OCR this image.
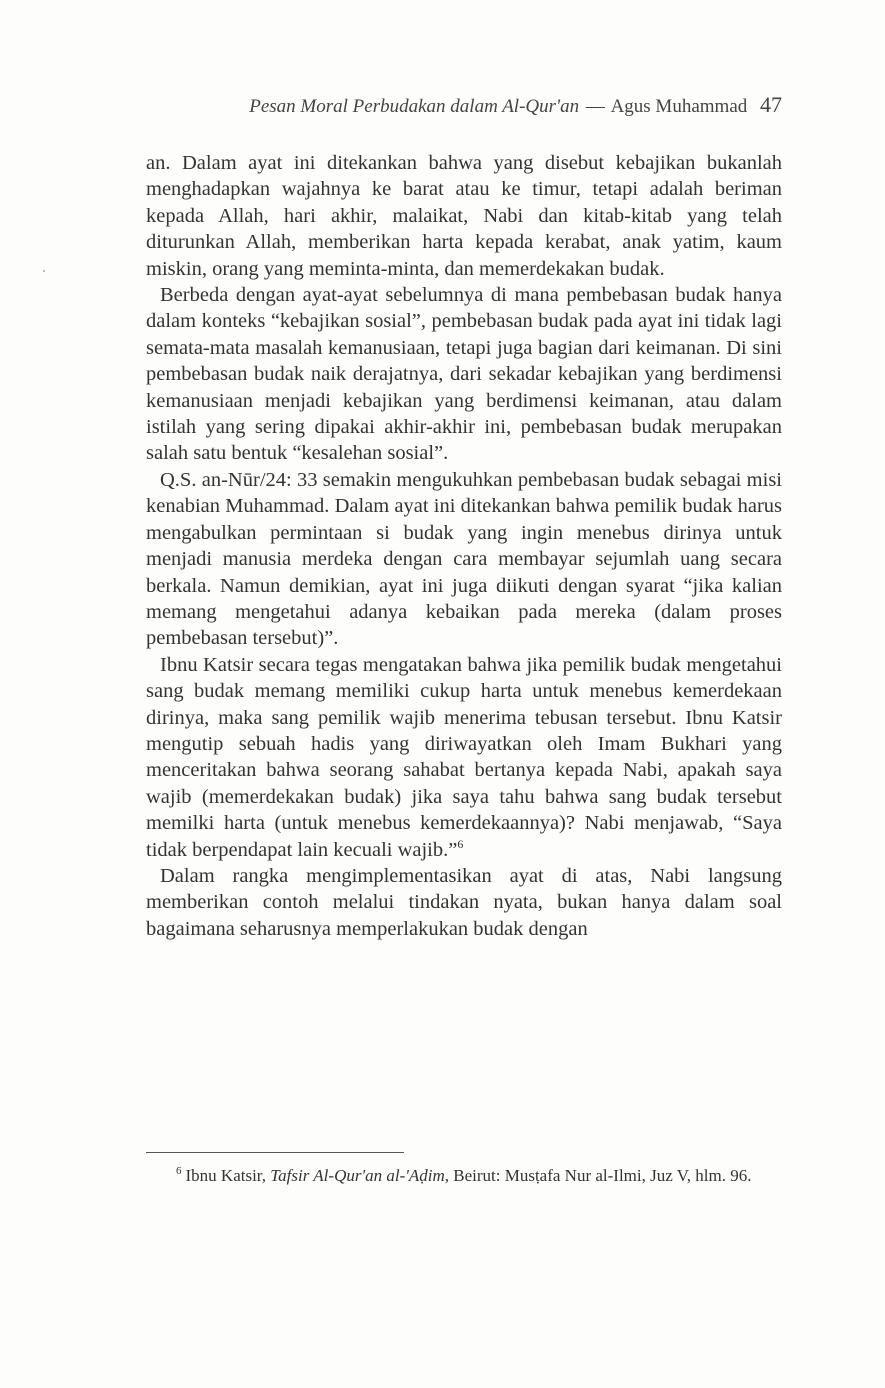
Pesan Moral Perbudakan dalam Al-Qur'an — Agus Muhammad 47

an. Dalam ayat ini ditekankan bahwa yang disebut kebajikan bukanlah menghadapkan wajahnya ke barat atau ke timur, tetapi adalah beriman kepada Allah, hari akhir, malaikat, Nabi dan kitab-kitab yang telah diturunkan Allah, memberikan harta kepada kerabat, anak yatim, kaum miskin, orang yang meminta-minta, dan memerdekakan budak.

Berbeda dengan ayat-ayat sebelumnya di mana pembebasan budak hanya dalam konteks “kebajikan sosial”, pembebasan budak pada ayat ini tidak lagi semata-mata masalah kemanusiaan, tetapi juga bagian dari keimanan. Di sini pembebasan budak naik derajatnya, dari sekadar kebajikan yang berdimensi kemanusiaan menjadi kebajikan yang berdimensi keimanan, atau dalam istilah yang sering dipakai akhir-akhir ini, pembebasan budak merupakan salah satu bentuk “kesalehan sosial”.

Q.S. an-Nūr/24: 33 semakin mengukuhkan pembebasan budak sebagai misi kenabian Muhammad. Dalam ayat ini ditekankan bahwa pemilik budak harus mengabulkan permintaan si budak yang ingin menebus dirinya untuk menjadi manusia merdeka dengan cara membayar sejumlah uang secara berkala. Namun demikian, ayat ini juga diikuti dengan syarat “jika kalian memang mengetahui adanya kebaikan pada mereka (dalam proses pembebasan tersebut)”.

Ibnu Katsir secara tegas mengatakan bahwa jika pemilik budak mengetahui sang budak memang memiliki cukup harta untuk menebus kemerdekaan dirinya, maka sang pemilik wajib menerima tebusan tersebut. Ibnu Katsir mengutip sebuah hadis yang diriwayatkan oleh Imam Bukhari yang menceritakan bahwa seorang sahabat bertanya kepada Nabi, apakah saya wajib (memerdekakan budak) jika saya tahu bahwa sang budak tersebut memilki harta (untuk menebus kemerdekaannya)? Nabi menjawab, “Saya tidak berpendapat lain kecuali wajib.”$^6$

Dalam rangka mengimplementasikan ayat di atas, Nabi langsung memberikan contoh melalui tindakan nyata, bukan hanya dalam soal bagaimana seharusnya memperlakukan budak dengan

$^6$ Ibnu Katsir, Tafsir Al-Qur'an al-'Aḍim, Beirut: Musṭafa Nur al-Ilmi, Juz V, hlm. 96.
